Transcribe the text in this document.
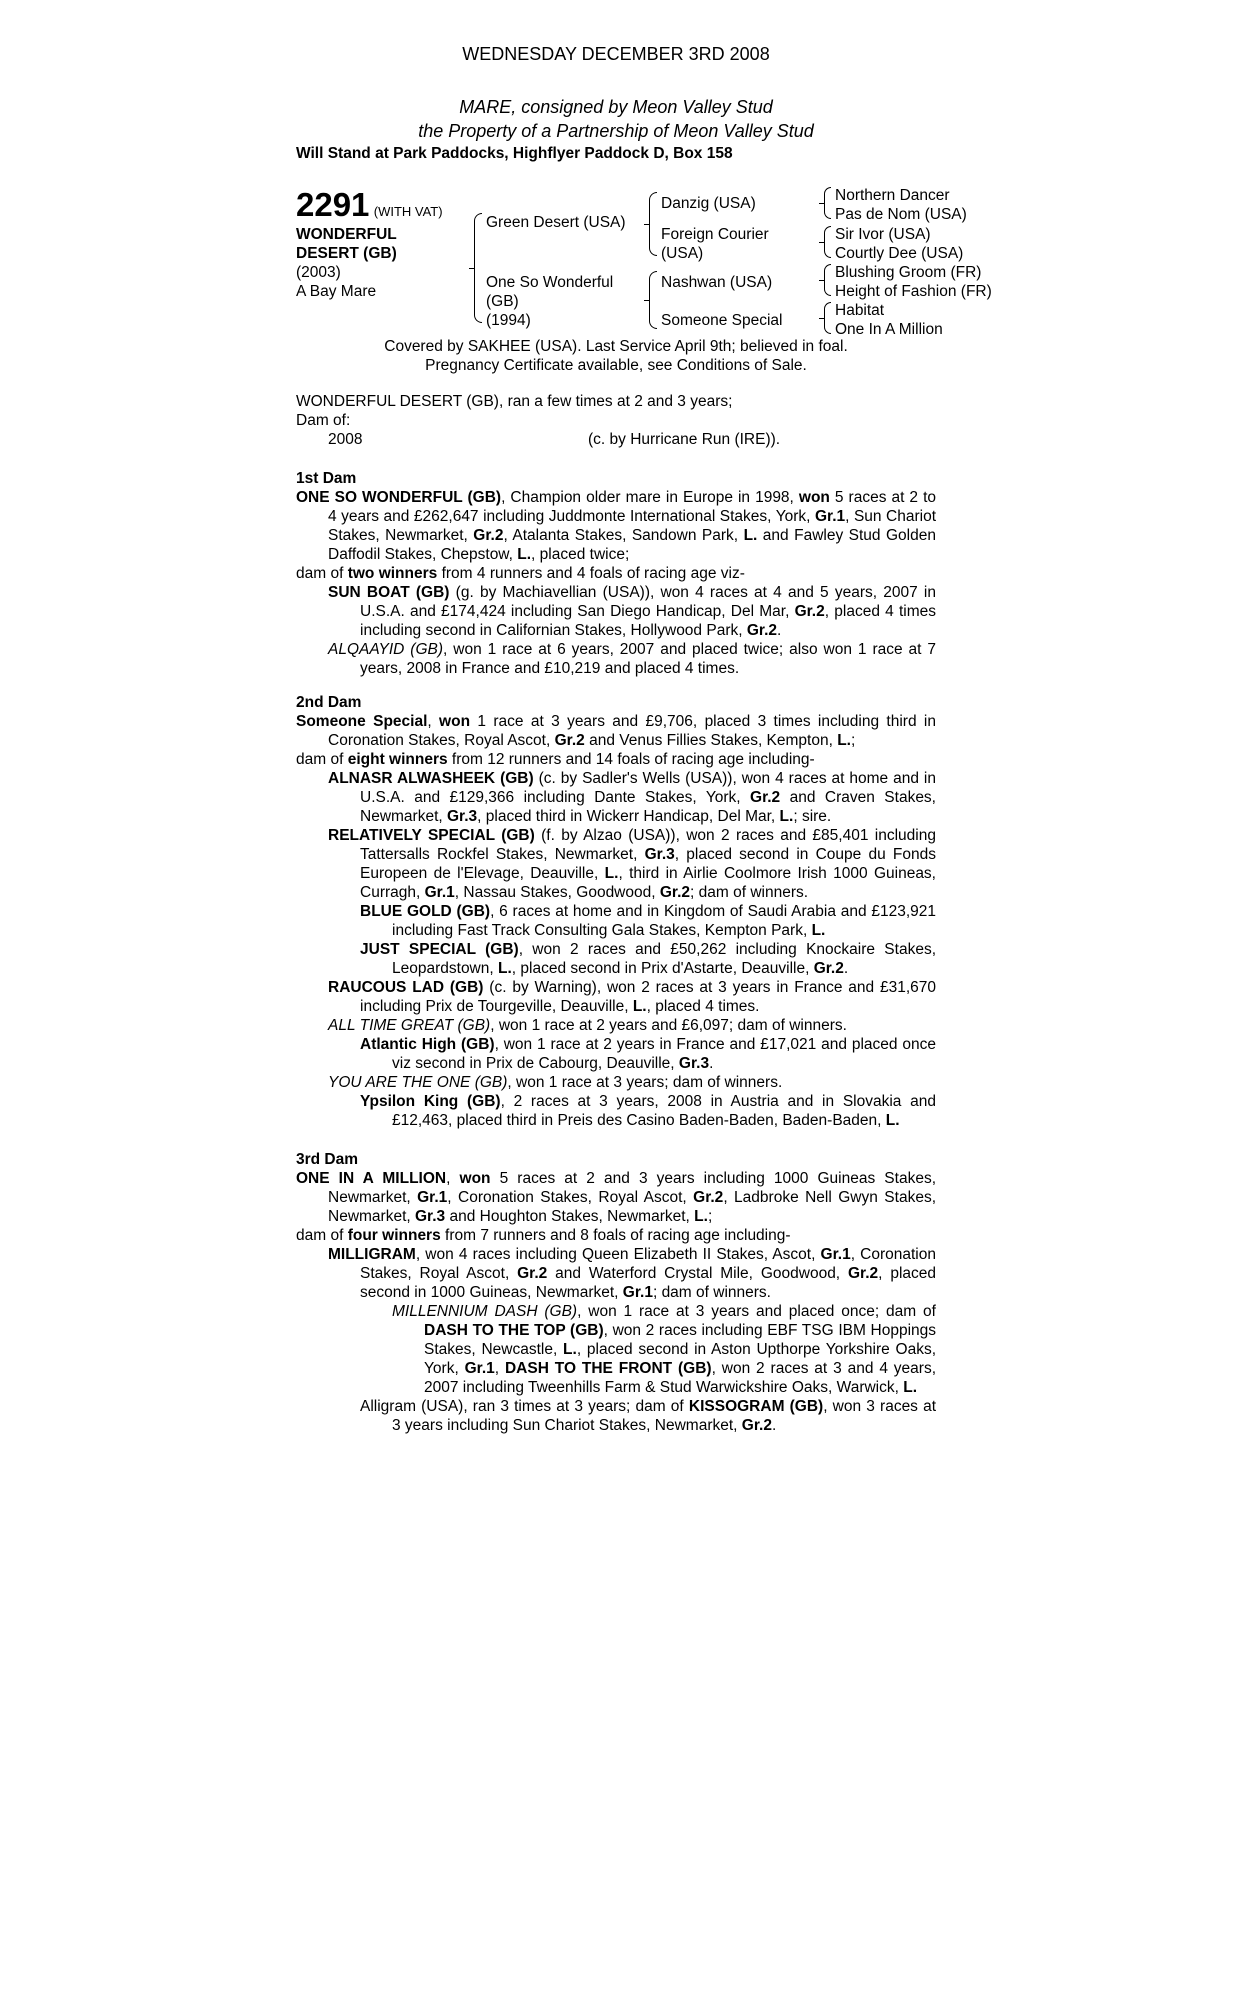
WEDNESDAY DECEMBER 3RD 2008
MARE, consigned by Meon Valley Stud
the Property of a Partnership of Meon Valley Stud
Will Stand at Park Paddocks, Highflyer Paddock D, Box 158
2291 (WITH VAT)
WONDERFUL
DESERT (GB)
(2003)
A Bay Mare
Green Desert (USA)
One So Wonderful
(GB)
(1994)
Danzig (USA)
Foreign Courier
(USA)
Nashwan (USA)
Someone Special
Northern Dancer
Pas de Nom (USA)
Sir Ivor (USA)
Courtly Dee (USA)
Blushing Groom (FR)
Height of Fashion (FR)
Habitat
One In A Million
Covered by SAKHEE (USA). Last Service April 9th; believed in foal.
Pregnancy Certificate available, see Conditions of Sale.
WONDERFUL DESERT (GB), ran a few times at 2 and 3 years;
Dam of:
2008	(c. by Hurricane Run (IRE)).
1st Dam
ONE SO WONDERFUL (GB), Champion older mare in Europe in 1998, won 5 races at 2 to 4 years and £262,647 including Juddmonte International Stakes, York, Gr.1, Sun Chariot Stakes, Newmarket, Gr.2, Atalanta Stakes, Sandown Park, L. and Fawley Stud Golden Daffodil Stakes, Chepstow, L., placed twice;
dam of two winners from 4 runners and 4 foals of racing age viz-
SUN BOAT (GB) (g. by Machiavellian (USA)), won 4 races at 4 and 5 years, 2007 in U.S.A. and £174,424 including San Diego Handicap, Del Mar, Gr.2, placed 4 times including second in Californian Stakes, Hollywood Park, Gr.2.
ALQAAYID (GB), won 1 race at 6 years, 2007 and placed twice; also won 1 race at 7 years, 2008 in France and £10,219 and placed 4 times.
2nd Dam
Someone Special, won 1 race at 3 years and £9,706, placed 3 times including third in Coronation Stakes, Royal Ascot, Gr.2 and Venus Fillies Stakes, Kempton, L.;
dam of eight winners from 12 runners and 14 foals of racing age including-
ALNASR ALWASHEEK (GB) (c. by Sadler's Wells (USA)), won 4 races at home and in U.S.A. and £129,366 including Dante Stakes, York, Gr.2 and Craven Stakes, Newmarket, Gr.3, placed third in Wickerr Handicap, Del Mar, L.; sire.
RELATIVELY SPECIAL (GB) (f. by Alzao (USA)), won 2 races and £85,401 including Tattersalls Rockfel Stakes, Newmarket, Gr.3, placed second in Coupe du Fonds Europeen de l'Elevage, Deauville, L., third in Airlie Coolmore Irish 1000 Guineas, Curragh, Gr.1, Nassau Stakes, Goodwood, Gr.2; dam of winners.
BLUE GOLD (GB), 6 races at home and in Kingdom of Saudi Arabia and £123,921 including Fast Track Consulting Gala Stakes, Kempton Park, L.
JUST SPECIAL (GB), won 2 races and £50,262 including Knockaire Stakes, Leopardstown, L., placed second in Prix d'Astarte, Deauville, Gr.2.
RAUCOUS LAD (GB) (c. by Warning), won 2 races at 3 years in France and £31,670 including Prix de Tourgeville, Deauville, L., placed 4 times.
ALL TIME GREAT (GB), won 1 race at 2 years and £6,097; dam of winners.
Atlantic High (GB), won 1 race at 2 years in France and £17,021 and placed once viz second in Prix de Cabourg, Deauville, Gr.3.
YOU ARE THE ONE (GB), won 1 race at 3 years; dam of winners.
Ypsilon King (GB), 2 races at 3 years, 2008 in Austria and in Slovakia and £12,463, placed third in Preis des Casino Baden-Baden, Baden-Baden, L.
3rd Dam
ONE IN A MILLION, won 5 races at 2 and 3 years including 1000 Guineas Stakes, Newmarket, Gr.1, Coronation Stakes, Royal Ascot, Gr.2, Ladbroke Nell Gwyn Stakes, Newmarket, Gr.3 and Houghton Stakes, Newmarket, L.;
dam of four winners from 7 runners and 8 foals of racing age including-
MILLIGRAM, won 4 races including Queen Elizabeth II Stakes, Ascot, Gr.1, Coronation Stakes, Royal Ascot, Gr.2 and Waterford Crystal Mile, Goodwood, Gr.2, placed second in 1000 Guineas, Newmarket, Gr.1; dam of winners.
MILLENNIUM DASH (GB), won 1 race at 3 years and placed once; dam of DASH TO THE TOP (GB), won 2 races including EBF TSG IBM Hoppings Stakes, Newcastle, L., placed second in Aston Upthorpe Yorkshire Oaks, York, Gr.1, DASH TO THE FRONT (GB), won 2 races at 3 and 4 years, 2007 including Tweenhills Farm & Stud Warwickshire Oaks, Warwick, L.
Alligram (USA), ran 3 times at 3 years; dam of KISSOGRAM (GB), won 3 races at 3 years including Sun Chariot Stakes, Newmarket, Gr.2.
